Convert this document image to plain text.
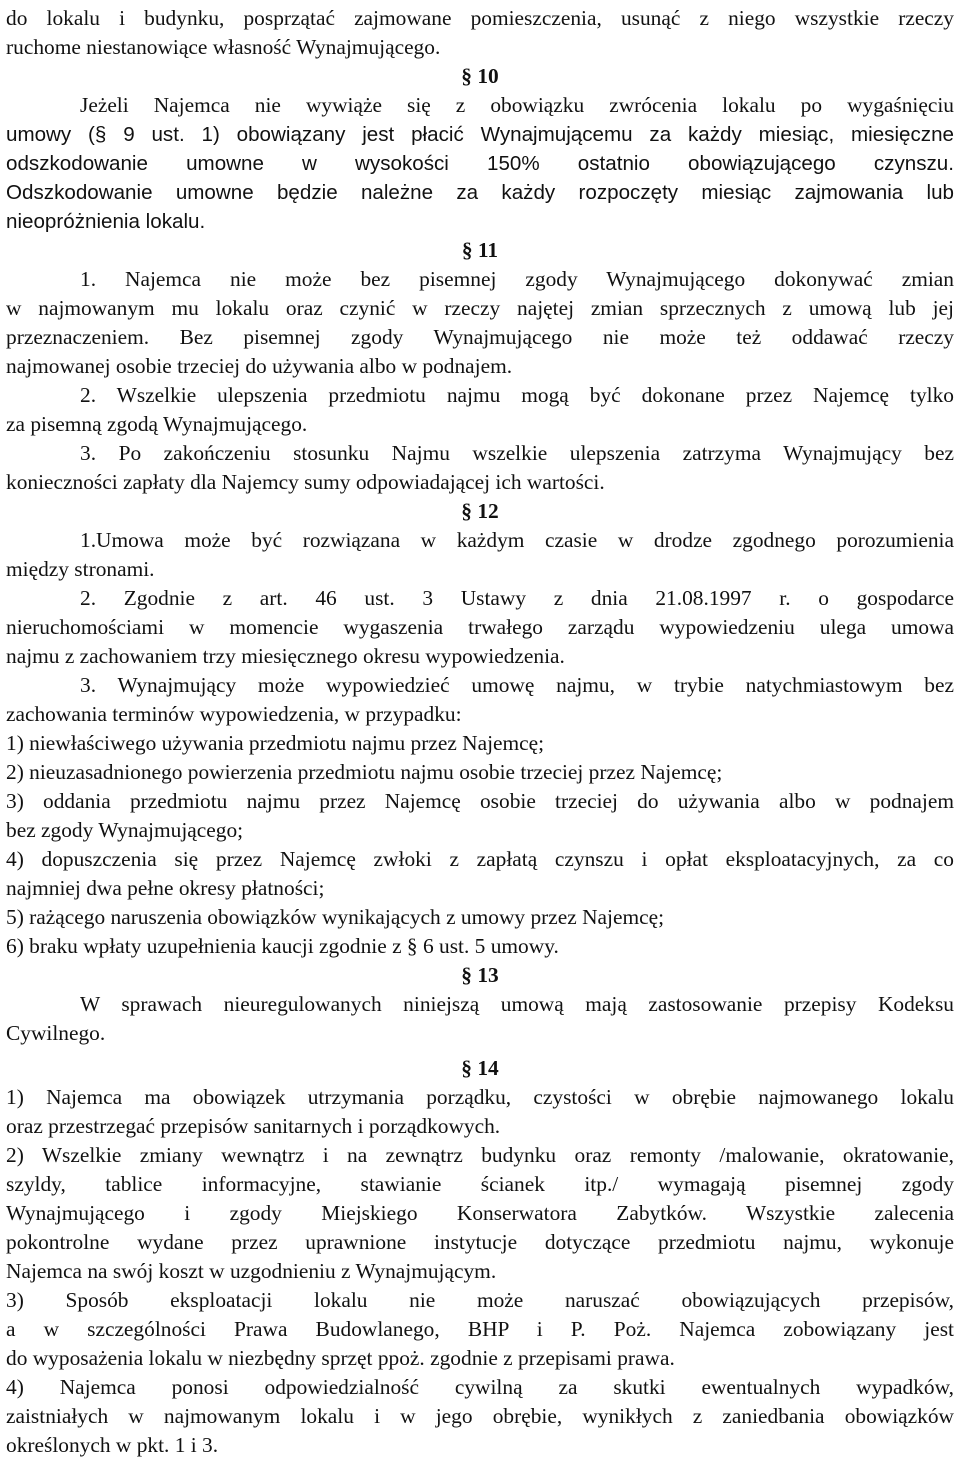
do lokalu i budynku, posprzątać zajmowane pomieszczenia, usunąć z niego wszystkie rzeczy
ruchome niestanowiące własność Wynajmującego.
§ 10
Jeżeli Najemca nie wywiąże się z obowiązku zwrócenia lokalu po wygaśnięciu
umowy (§ 9 ust. 1) obowiązany jest płacić Wynajmującemu za każdy miesiąc, miesięczne
odszkodowanie umowne w wysokości 150% ostatnio obowiązującego czynszu.
Odszkodowanie umowne będzie należne za każdy rozpoczęty miesiąc zajmowania lub
nieopróżnienia lokalu.
§ 11
1. Najemca nie może bez pisemnej zgody Wynajmującego dokonywać zmian
w najmowanym mu lokalu oraz czynić w rzeczy najętej zmian sprzecznych z umową lub jej
przeznaczeniem. Bez pisemnej zgody Wynajmującego nie może też oddawać rzeczy
najmowanej osobie trzeciej do używania albo w podnajem.
2. Wszelkie ulepszenia przedmiotu najmu mogą być dokonane przez Najemcę tylko
za pisemną zgodą Wynajmującego.
3. Po zakończeniu stosunku Najmu wszelkie ulepszenia zatrzyma Wynajmujący bez
konieczności zapłaty dla Najemcy sumy odpowiadającej ich wartości.
§ 12
1.Umowa może być rozwiązana w każdym czasie w drodze zgodnego porozumienia
między stronami.
2. Zgodnie z art. 46 ust. 3 Ustawy z dnia 21.08.1997 r. o gospodarce
nieruchomościami w momencie wygaszenia trwałego zarządu wypowiedzeniu ulega umowa
najmu z zachowaniem trzy miesięcznego okresu wypowiedzenia.
3. Wynajmujący może wypowiedzieć umowę najmu, w trybie natychmiastowym bez
zachowania terminów wypowiedzenia, w przypadku:
1) niewłaściwego używania przedmiotu najmu przez Najemcę;
2) nieuzasadnionego powierzenia przedmiotu najmu osobie trzeciej przez Najemcę;
3) oddania przedmiotu najmu przez Najemcę osobie trzeciej do używania albo w podnajem
bez zgody Wynajmującego;
4) dopuszczenia się przez Najemcę zwłoki z zapłatą czynszu i opłat eksploatacyjnych, za co
najmniej dwa pełne okresy płatności;
5) rażącego naruszenia obowiązków wynikających z umowy przez Najemcę;
6) braku wpłaty uzupełnienia kaucji zgodnie z § 6 ust. 5 umowy.
§ 13
W sprawach nieuregulowanych niniejszą umową mają zastosowanie przepisy Kodeksu
Cywilnego.
§ 14
1) Najemca ma obowiązek utrzymania porządku, czystości w obrębie najmowanego lokalu
oraz przestrzegać przepisów sanitarnych i porządkowych.
2) Wszelkie zmiany wewnątrz i na zewnątrz budynku oraz remonty /malowanie, okratowanie,
szyldy, tablice informacyjne, stawianie ścianek itp./ wymagają pisemnej zgody
Wynajmującego i zgody Miejskiego Konserwatora Zabytków. Wszystkie zalecenia
pokontrolne wydane przez uprawnione instytucje dotyczące przedmiotu najmu, wykonuje
Najemca na swój koszt w uzgodnieniu z Wynajmującym.
3) Sposób eksploatacji lokalu nie może naruszać obowiązujących przepisów,
a w szczególności Prawa Budowlanego, BHP i P. Poż. Najemca zobowiązany jest
do wyposażenia lokalu w niezbędny sprzęt ppoż. zgodnie z przepisami prawa.
4) Najemca ponosi odpowiedzialność cywilną za skutki ewentualnych wypadków,
zaistniałych w najmowanym lokalu i w jego obrębie, wynikłych z zaniedbania obowiązków
określonych w pkt. 1 i 3.
